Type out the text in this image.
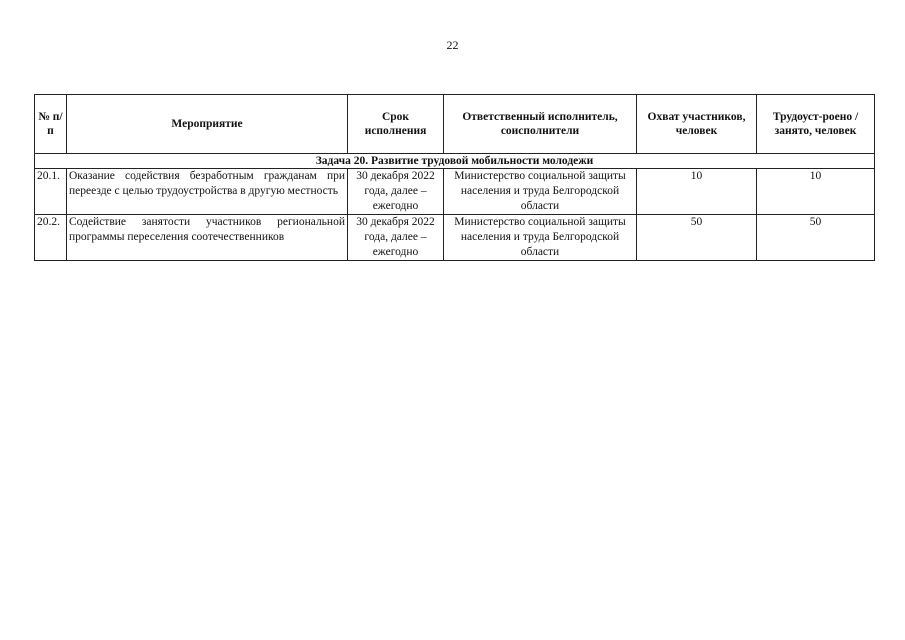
22
№ п/п	Мероприятие	Срок исполнения	Ответственный исполнитель, соисполнители	Охват участников, человек	Трудоуст-роено / занято, человек
Задача 20. Развитие трудовой мобильности молодежи					
20.1.	Оказание содействия безработным гражданам при переезде с целью трудоустройства в другую местность	30 декабря 2022 года, далее – ежегодно	Министерство социальной защиты населения и труда Белгородской области	10	10
20.2.	Содействие занятости участников региональной программы переселения соотечественников	30 декабря 2022 года, далее – ежегодно	Министерство социальной защиты населения и труда Белгородской области	50	50
